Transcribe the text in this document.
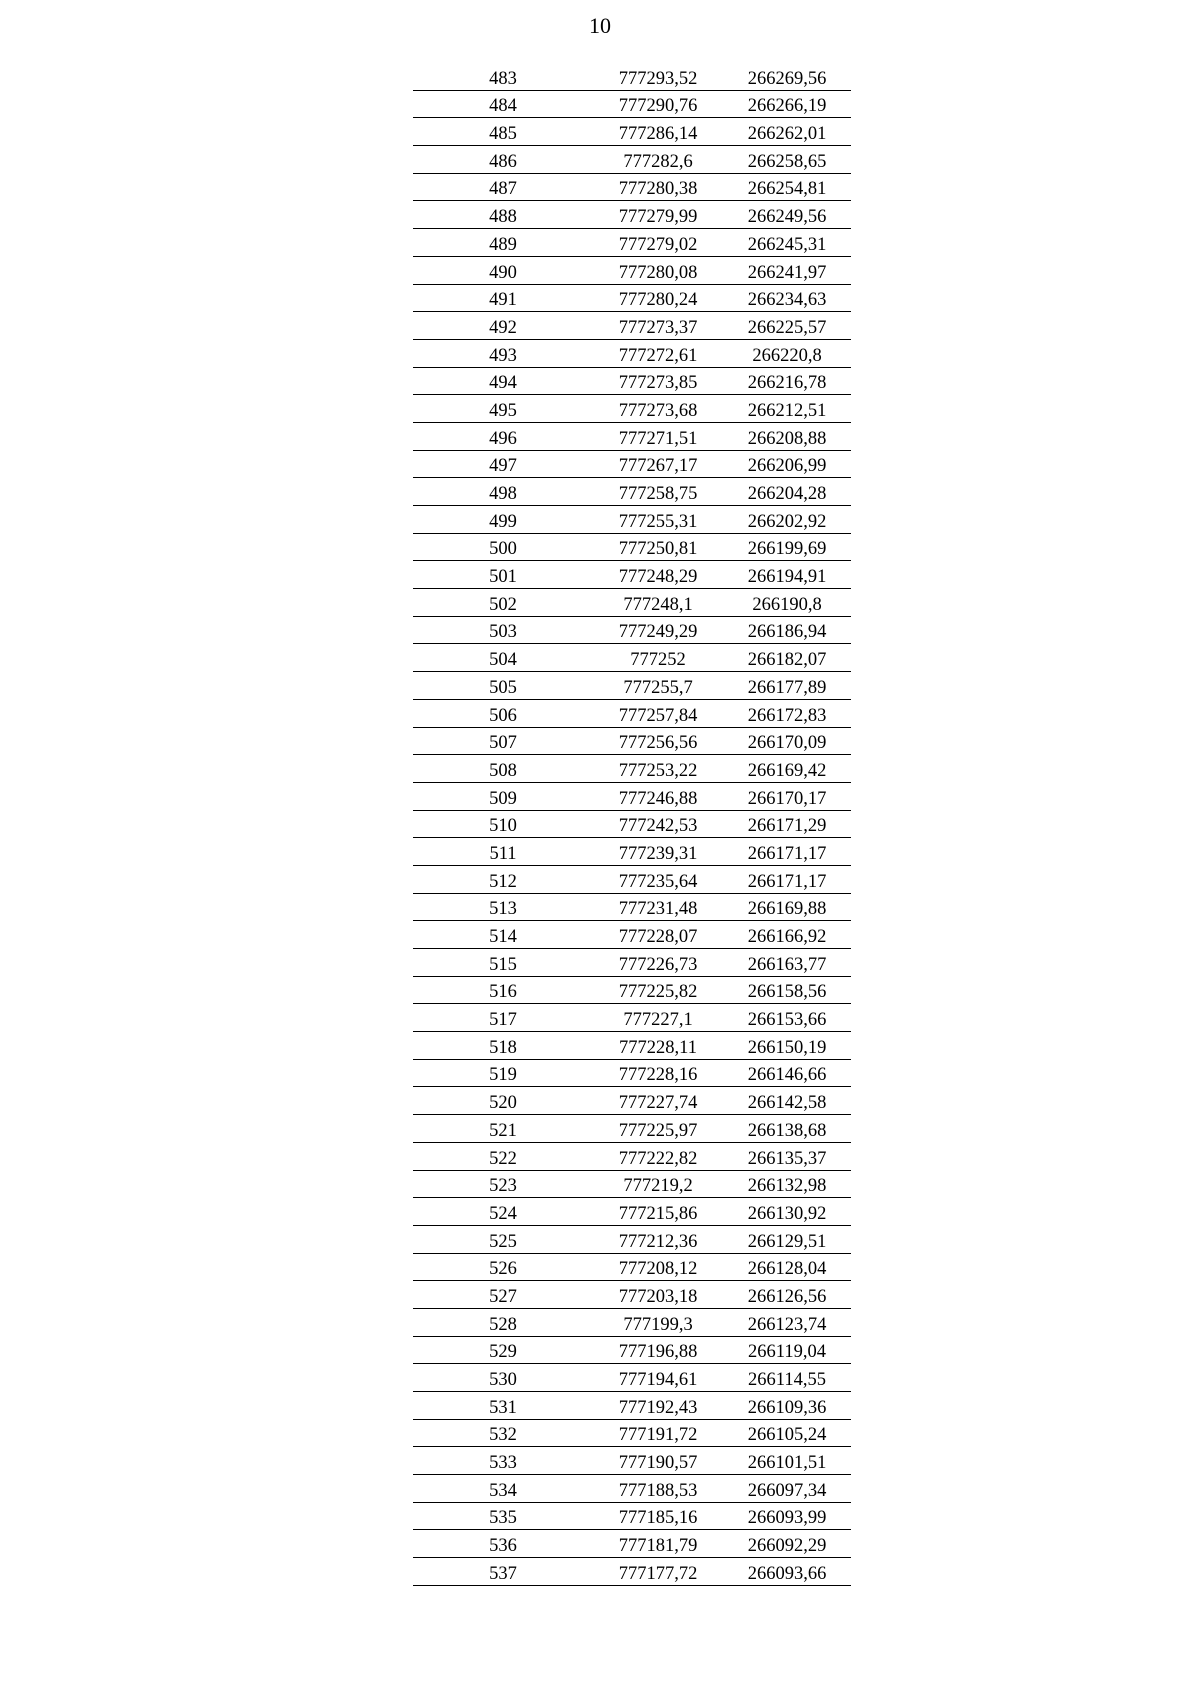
10
483	777293,52	266269,56
484	777290,76	266266,19
485	777286,14	266262,01
486	777282,6	266258,65
487	777280,38	266254,81
488	777279,99	266249,56
489	777279,02	266245,31
490	777280,08	266241,97
491	777280,24	266234,63
492	777273,37	266225,57
493	777272,61	266220,8
494	777273,85	266216,78
495	777273,68	266212,51
496	777271,51	266208,88
497	777267,17	266206,99
498	777258,75	266204,28
499	777255,31	266202,92
500	777250,81	266199,69
501	777248,29	266194,91
502	777248,1	266190,8
503	777249,29	266186,94
504	777252	266182,07
505	777255,7	266177,89
506	777257,84	266172,83
507	777256,56	266170,09
508	777253,22	266169,42
509	777246,88	266170,17
510	777242,53	266171,29
511	777239,31	266171,17
512	777235,64	266171,17
513	777231,48	266169,88
514	777228,07	266166,92
515	777226,73	266163,77
516	777225,82	266158,56
517	777227,1	266153,66
518	777228,11	266150,19
519	777228,16	266146,66
520	777227,74	266142,58
521	777225,97	266138,68
522	777222,82	266135,37
523	777219,2	266132,98
524	777215,86	266130,92
525	777212,36	266129,51
526	777208,12	266128,04
527	777203,18	266126,56
528	777199,3	266123,74
529	777196,88	266119,04
530	777194,61	266114,55
531	777192,43	266109,36
532	777191,72	266105,24
533	777190,57	266101,51
534	777188,53	266097,34
535	777185,16	266093,99
536	777181,79	266092,29
537	777177,72	266093,66
